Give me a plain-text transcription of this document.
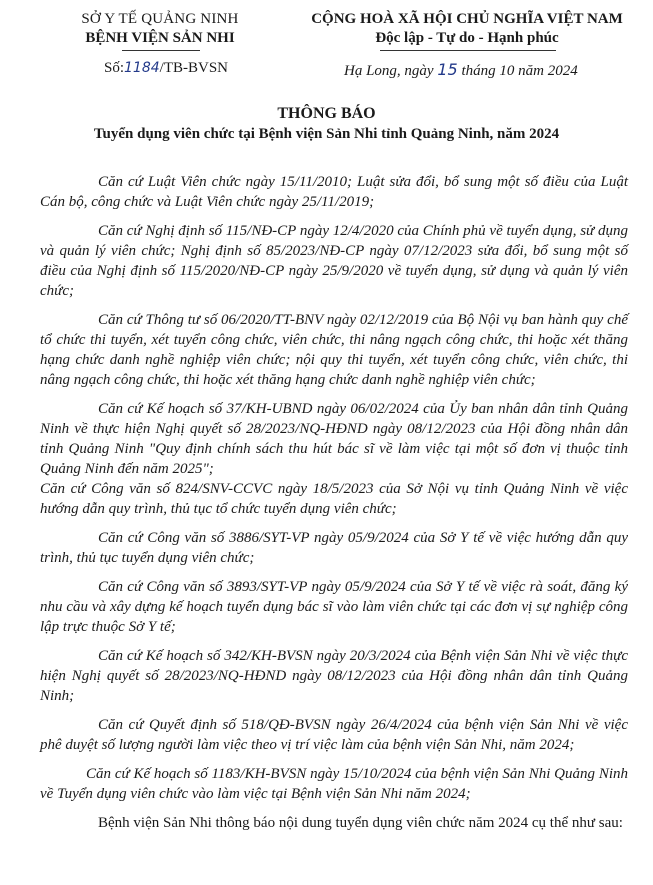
SỞ Y TẾ QUẢNG NINH
BỆNH VIỆN SẢN NHI
CỘNG HOÀ XÃ HỘI CHỦ NGHĨA VIỆT NAM
Độc lập - Tự do - Hạnh phúc
Số:1184/TB-BVSN	Hạ Long, ngày 15 tháng 10 năm 2024
THÔNG BÁO
Tuyển dụng viên chức tại Bệnh viện Sản Nhi tỉnh Quảng Ninh, năm 2024

Căn cứ Luật Viên chức ngày 15/11/2010; Luật sửa đổi, bổ sung một số điều của Luật Cán bộ, công chức và Luật Viên chức ngày 25/11/2019;

Căn cứ Nghị định số 115/NĐ-CP ngày 12/4/2020 của Chính phủ về tuyển dụng, sử dụng và quản lý viên chức; Nghị định số 85/2023/NĐ-CP ngày 07/12/2023 sửa đổi, bổ sung một số điều của Nghị định số 115/2020/NĐ-CP ngày 25/9/2020 về tuyển dụng, sử dụng và quản lý viên chức;

Căn cứ Thông tư số 06/2020/TT-BNV ngày 02/12/2019 của Bộ Nội vụ ban hành quy chế tổ chức thi tuyển, xét tuyển công chức, viên chức, thi nâng ngạch công chức, thi hoặc xét thăng hạng chức danh nghề nghiệp viên chức; nội quy thi tuyển, xét tuyển công chức, viên chức, thi nâng ngạch công chức, thi hoặc xét thăng hạng chức danh nghề nghiệp viên chức;

Căn cứ Kế hoạch số 37/KH-UBND ngày 06/02/2024 của Ủy ban nhân dân tỉnh Quảng Ninh về thực hiện Nghị quyết số 28/2023/NQ-HĐND ngày 08/12/2023 của Hội đồng nhân dân tỉnh Quảng Ninh "Quy định chính sách thu hút bác sĩ về làm việc tại một số đơn vị thuộc tỉnh Quảng Ninh đến năm 2025";

Căn cứ Công văn số 824/SNV-CCVC ngày 18/5/2023 của Sở Nội vụ tỉnh Quảng Ninh về việc hướng dẫn quy trình, thủ tục tổ chức tuyển dụng viên chức;

Căn cứ Công văn số 3886/SYT-VP ngày 05/9/2024 của Sở Y tế về việc hướng dẫn quy trình, thủ tục tuyển dụng viên chức;

Căn cứ Công văn số 3893/SYT-VP ngày 05/9/2024 của Sở Y tế về việc rà soát, đăng ký nhu cầu và xây dựng kế hoạch tuyển dụng bác sĩ vào làm viên chức tại các đơn vị sự nghiệp công lập trực thuộc Sở Y tế;

Căn cứ Kế hoạch số 342/KH-BVSN ngày 20/3/2024 của Bệnh viện Sản Nhi về việc thực hiện Nghị quyết số 28/2023/NQ-HĐND ngày 08/12/2023 của Hội đồng nhân dân tỉnh Quảng Ninh;

Căn cứ Quyết định số 518/QĐ-BVSN ngày 26/4/2024 của bệnh viện Sản Nhi về việc phê duyệt số lượng người làm việc theo vị trí việc làm của bệnh viện Sản Nhi, năm 2024;

Căn cứ Kế hoạch số 1183/KH-BVSN ngày 15/10/2024 của bệnh viện Sản Nhi Quảng Ninh về Tuyển dụng viên chức vào làm việc tại Bệnh viện Sản Nhi năm 2024;

Bệnh viện Sản Nhi thông báo nội dung tuyển dụng viên chức năm 2024 cụ thể như sau:
